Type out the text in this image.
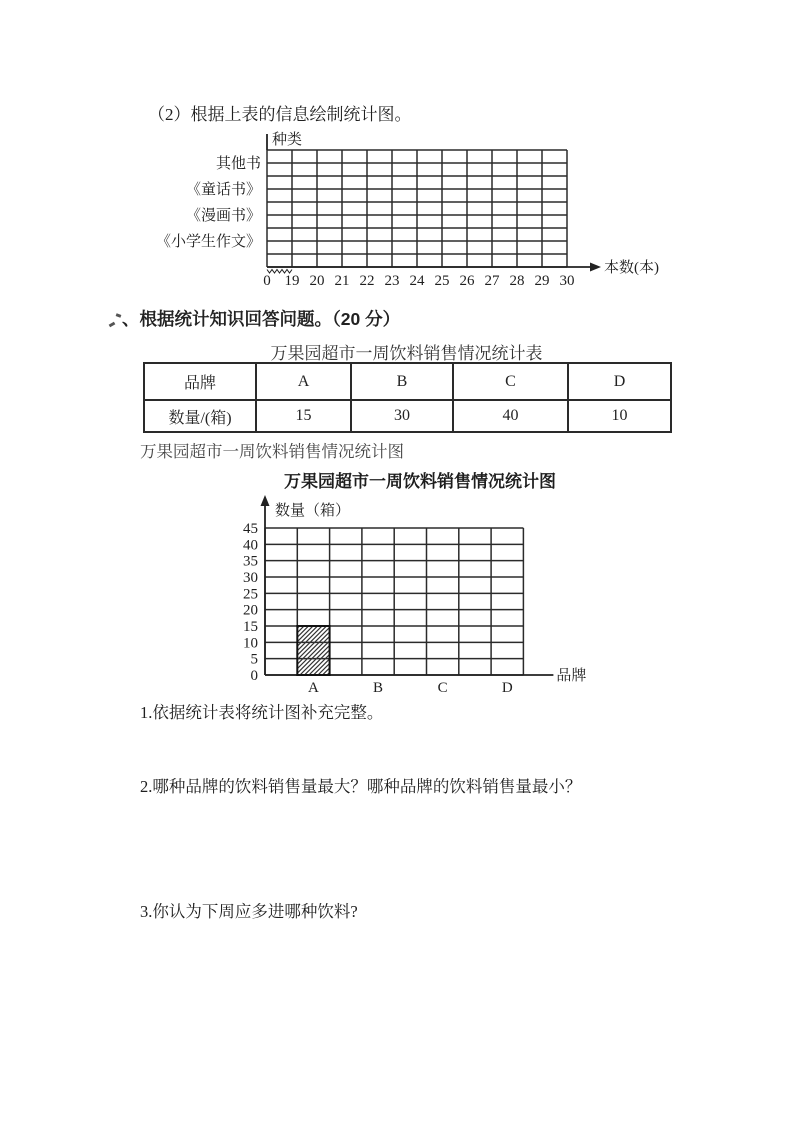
（2）根据上表的信息绘制统计图。
种类
本数(本)
0 19 20 21 22 23 24 25 26 27 28 29 30
其他书
《童话书》
《漫画书》
《小学生作文》
、根据统计知识回答问题。（20 分）
万果园超市一周饮料销售情况统计表
品牌	A	B	C	D
数量/(箱)	15	30	40	10
万果园超市一周饮料销售情况统计图
万果园超市一周饮料销售情况统计图
数量（箱）
45
40
35
30
25
20
15
10
5
0	品牌
A	B	C	D
1.依据统计表将统计图补充完整。
2.哪种品牌的饮料销售量最大？哪种品牌的饮料销售量最小？
3.你认为下周应多进哪种饮料?
